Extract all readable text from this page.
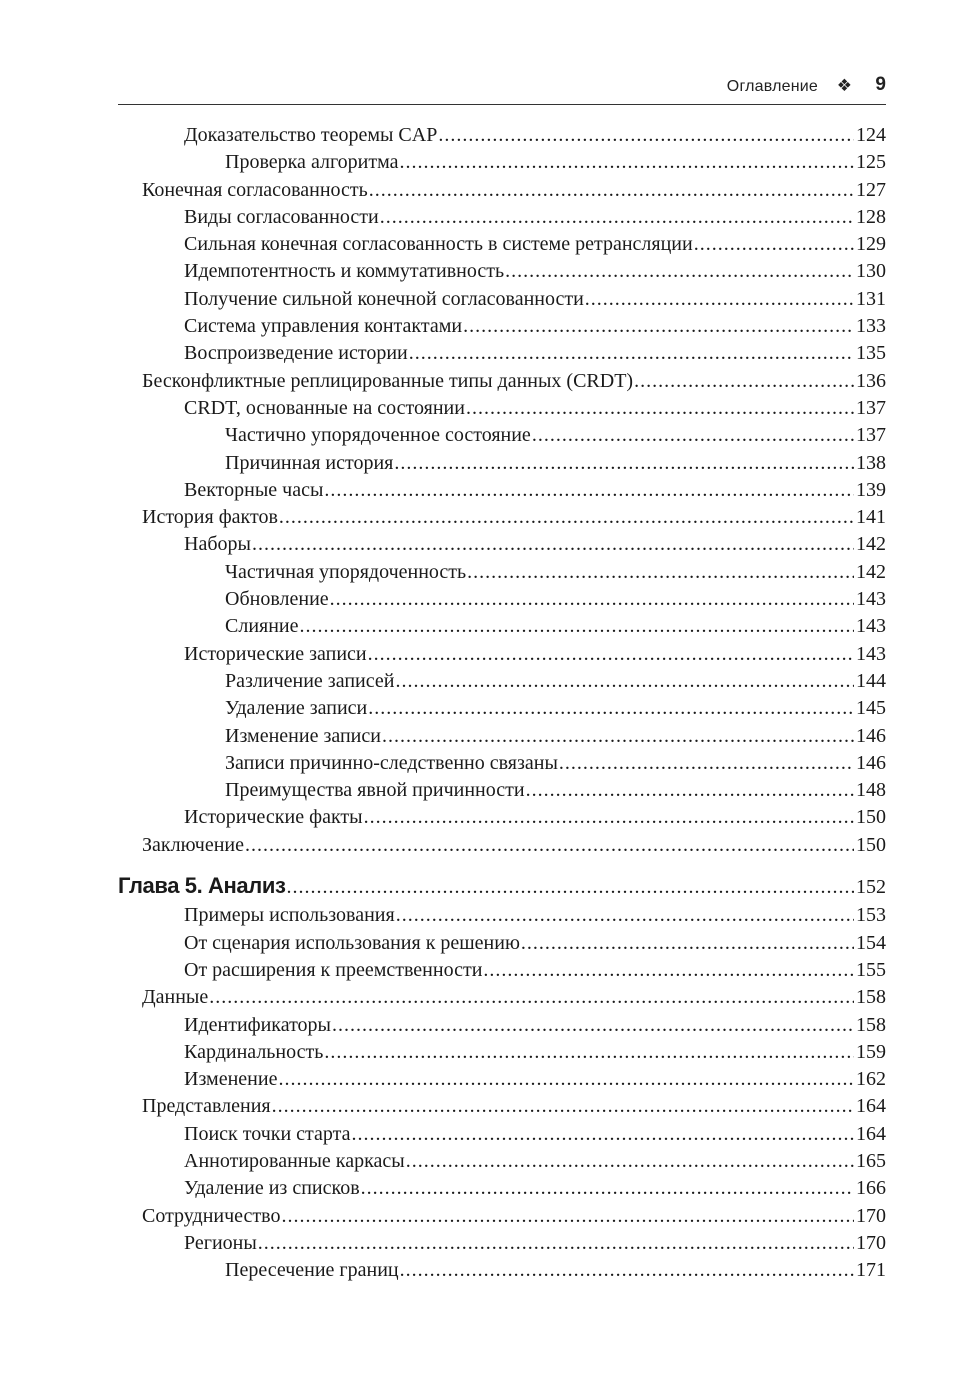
Оглавление ❖ 9
Доказательство теоремы CAP .....	124
Проверка алгоритма .....	125
Конечная согласованность .....	127
Виды согласованности .....	128
Сильная конечная согласованность в системе ретрансляции .....	129
Идемпотентность и коммутативность .....	130
Получение сильной конечной согласованности .....	131
Система управления контактами .....	133
Воспроизведение истории .....	135
Бесконфликтные реплицированные типы данных (CRDT) .....	136
CRDT, основанные на состоянии .....	137
Частично упорядоченное состояние .....	137
Причинная история .....	138
Векторные часы .....	139
История фактов .....	141
Наборы .....	142
Частичная упорядоченность .....	142
Обновление .....	143
Слияние .....	143
Исторические записи .....	143
Различение записей .....	144
Удаление записи .....	145
Изменение записи .....	146
Записи причинно-следственно связаны .....	146
Преимущества явной причинности .....	148
Исторические факты .....	150
Заключение .....	150
Глава 5. Анализ .....	152
Примеры использования .....	153
От сценария использования к решению .....	154
От расширения к преемственности .....	155
Данные .....	158
Идентификаторы .....	158
Кардинальность .....	159
Изменение .....	162
Представления .....	164
Поиск точки старта .....	164
Аннотированные каркасы .....	165
Удаление из списков .....	166
Сотрудничество .....	170
Регионы .....	170
Пересечение границ .....	171
